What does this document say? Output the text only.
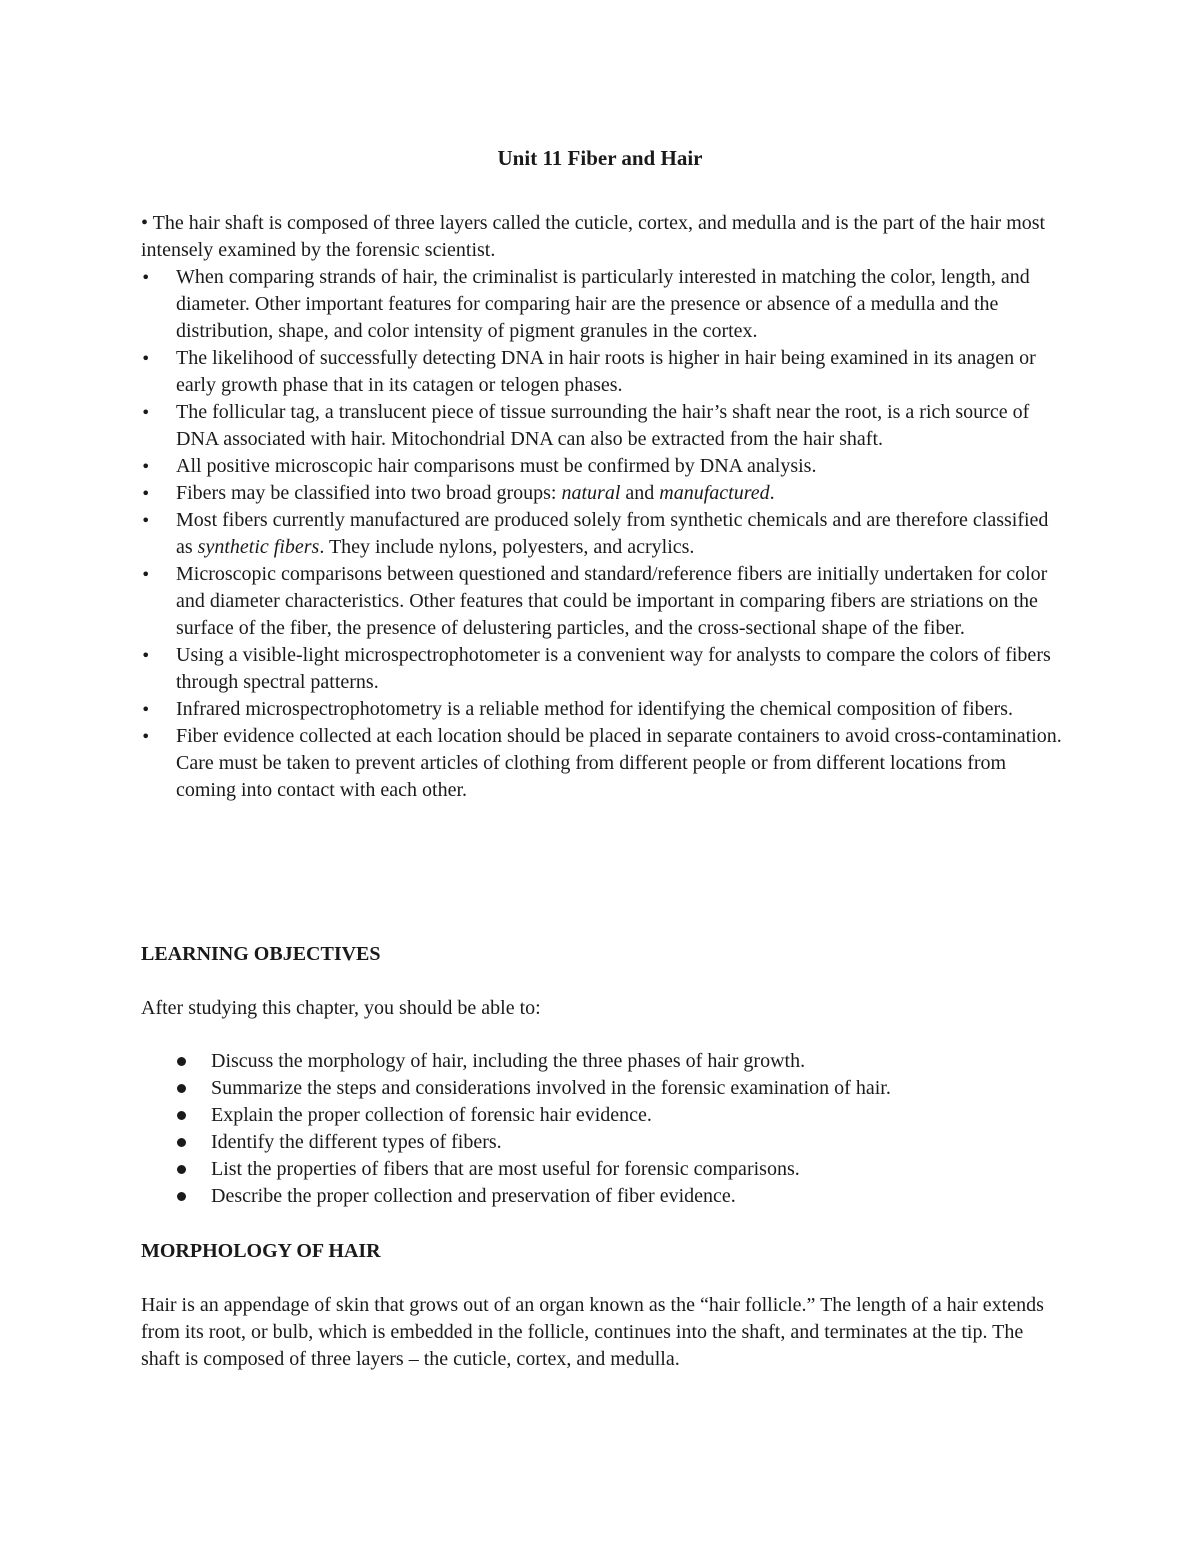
Unit 11 Fiber and Hair

• The hair shaft is composed of three layers called the cuticle, cortex, and medulla and is the part of the hair most intensely examined by the forensic scientist.

•	When comparing strands of hair, the criminalist is particularly interested in matching the color, length, and diameter. Other important features for comparing hair are the presence or absence of a medulla and the distribution, shape, and color intensity of pigment granules in the cortex.
•	The likelihood of successfully detecting DNA in hair roots is higher in hair being examined in its anagen or early growth phase that in its catagen or telogen phases.
•	The follicular tag, a translucent piece of tissue surrounding the hair’s shaft near the root, is a rich source of DNA associated with hair. Mitochondrial DNA can also be extracted from the hair shaft.
•	All positive microscopic hair comparisons must be confirmed by DNA analysis.
•	Fibers may be classified into two broad groups: natural and manufactured.
•	Most fibers currently manufactured are produced solely from synthetic chemicals and are therefore classified as synthetic fibers. They include nylons, polyesters, and acrylics.
•	Microscopic comparisons between questioned and standard/reference fibers are initially undertaken for color and diameter characteristics. Other features that could be important in comparing fibers are striations on the surface of the fiber, the presence of delustering particles, and the cross-sectional shape of the fiber.
•	Using a visible-light microspectrophotometer is a convenient way for analysts to compare the colors of fibers through spectral patterns.
•	Infrared microspectrophotometry is a reliable method for identifying the chemical composition of fibers.
•	Fiber evidence collected at each location should be placed in separate containers to avoid cross-contamination. Care must be taken to prevent articles of clothing from different people or from different locations from coming into contact with each other.

LEARNING OBJECTIVES

After studying this chapter, you should be able to:

Discuss the morphology of hair, including the three phases of hair growth.
Summarize the steps and considerations involved in the forensic examination of hair.
Explain the proper collection of forensic hair evidence.
Identify the different types of fibers.
List the properties of fibers that are most useful for forensic comparisons.
Describe the proper collection and preservation of fiber evidence.

MORPHOLOGY OF HAIR

Hair is an appendage of skin that grows out of an organ known as the “hair follicle.” The length of a hair extends from its root, or bulb, which is embedded in the follicle, continues into the shaft, and terminates at the tip. The shaft is composed of three layers – the cuticle, cortex, and medulla.
